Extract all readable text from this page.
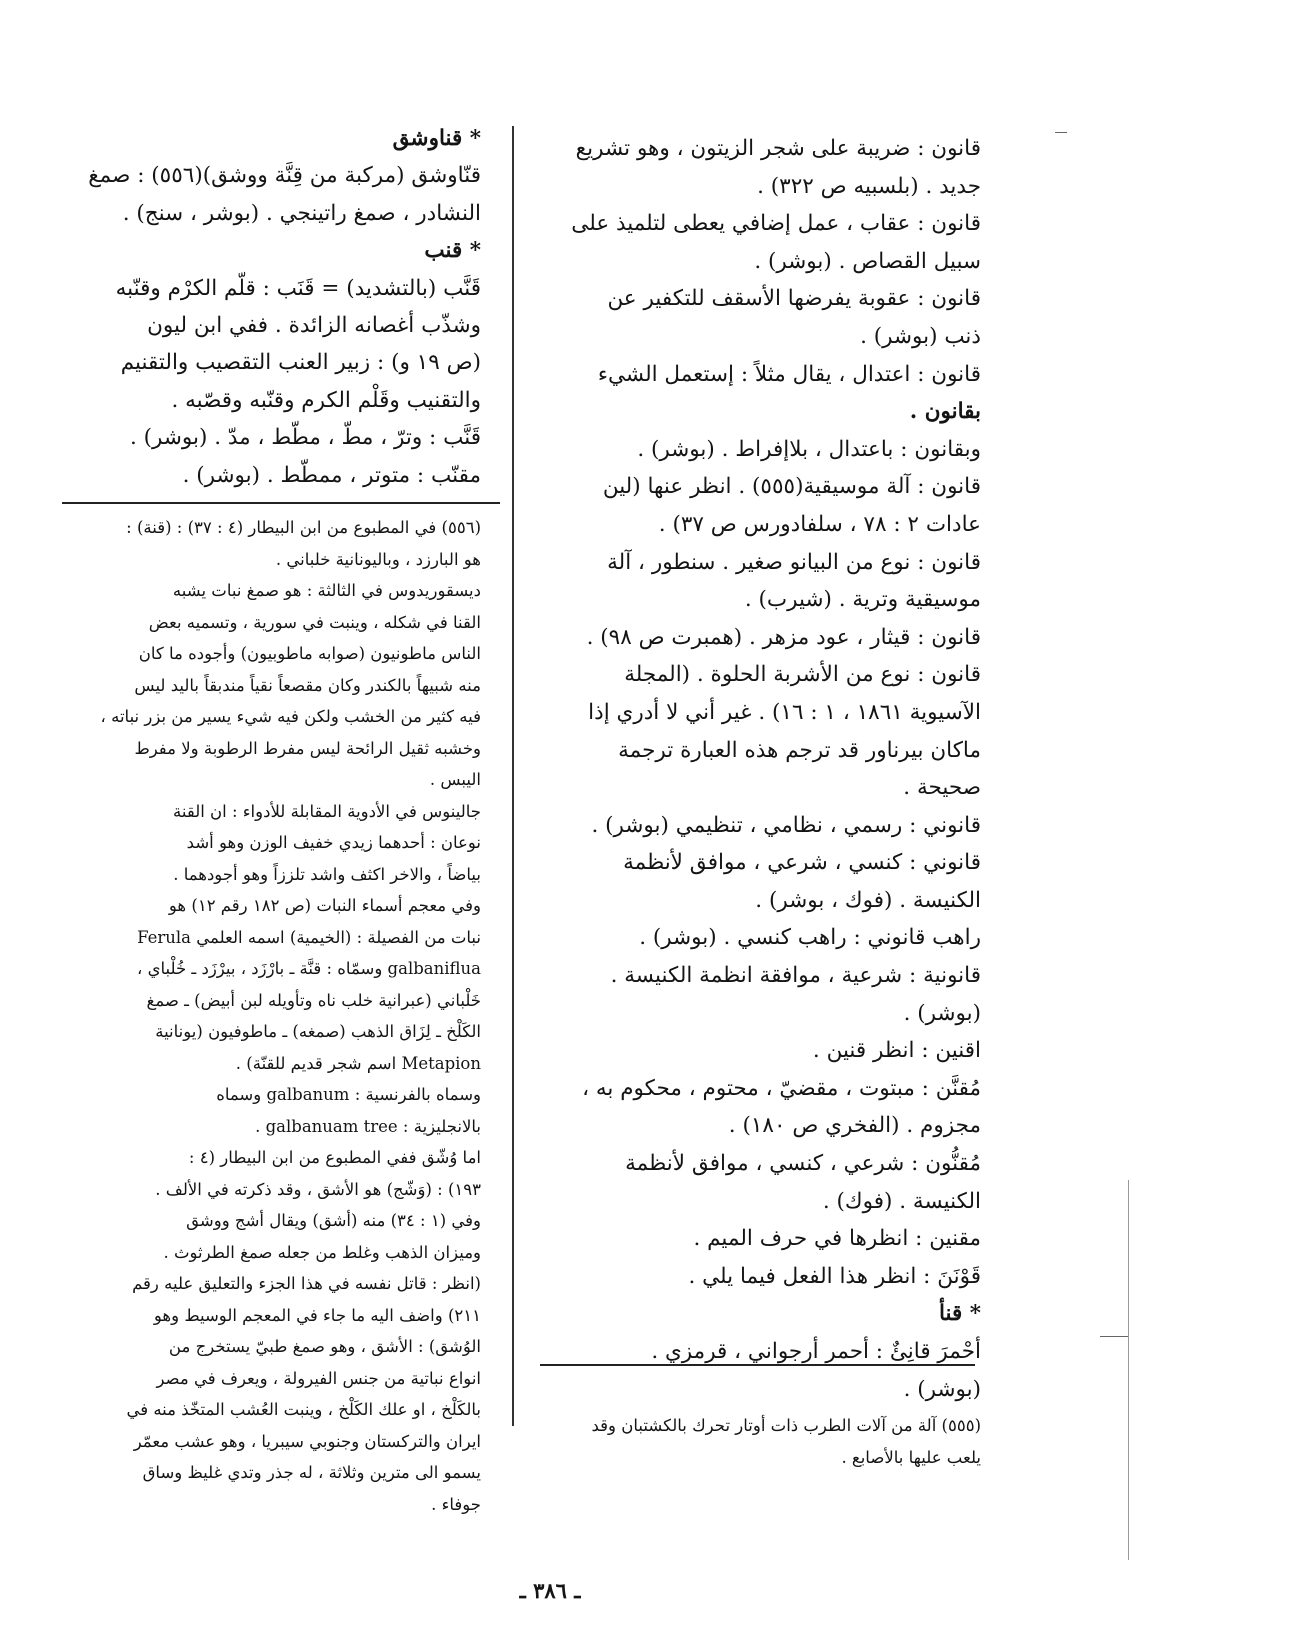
قانون : ضريبة على شجر الزيتون ، وهو تشريع

جديد . (بلسبيه ص ٣٢٢) .

قانون : عقاب ، عمل إضافي يعطى لتلميذ على

سبيل القصاص . (بوشر) .

قانون : عقوبة يفرضها الأسقف للتكفير عن

ذنب (بوشر) .

قانون : اعتدال ، يقال مثلاً : إستعمل الشيء

بقانون .

وبقانون : باعتدال ، بلاإفراط . (بوشر) .

قانون : آلة موسيقية(٥٥٥) . انظر عنها (لين

عادات ٢ : ٧٨ ، سلفادورس ص ٣٧) .

قانون : نوع من البيانو صغير . سنطور ، آلة

موسيقية وترية . (شيرب) .

قانون : قيثار ، عود مزهر . (همبرت ص ٩٨) .

قانون : نوع من الأشربة الحلوة . (المجلة

الآسيوية ١٨٦١ ، ١ : ١٦) . غير أني لا أدري إذا

ماكان بيرناور قد ترجم هذه العبارة ترجمة

صحيحة .

قانوني : رسمي ، نظامي ، تنظيمي (بوشر) .

قانوني : كنسي ، شرعي ، موافق لأنظمة

الكنيسة . (فوك ، بوشر) .

راهب قانوني : راهب كنسي . (بوشر) .

قانونية : شرعية ، موافقة انظمة الكنيسة .

(بوشر) .

اقنين : انظر قنين .

مُقنَّن : مبتوت ، مقضيّ ، محتوم ، محكوم به ،

مجزوم . (الفخري ص ١٨٠) .

مُقنُّون : شرعي ، كنسي ، موافق لأنظمة

الكنيسة . (فوك) .

مقنين : انظرها في حرف الميم .

قَوْنَنَ : انظر هذا الفعل فيما يلي .

* قنأ

أحْمرَ قانِئٌ : أحمر أرجواني ، قرمزي .

(بوشر) .

(٥٥٥) آلة من آلات الطرب ذات أوتار تحرك بالكشتبان وقد

يلعب عليها بالأصابع .

* قناوشق

قنّاوشق (مركبة من قِنَّة ووشق)(٥٥٦) : صمغ

النشادر ، صمغ راتينجي . (بوشر ، سنج) .

* قنب

قَنَّب (بالتشديد) = قَنَب : قلّم الكرْم وقنّبه

وشذّب أغصانه الزائدة . ففي ابن ليون

(ص ١٩ و) : زبير العنب التقصيب والتقنيم

والتقنيب وقَلْم الكرم وقنّبه وقصّبه .

قَنَّب : وترّ ، مطّ ، مطّط ، مدّ . (بوشر) .

مقنّب : متوتر ، ممطّط . (بوشر) .

(٥٥٦) في المطبوع من ابن البيطار (٤ : ٣٧) : (قنة) :

هو البارزد ، وباليونانية خلباني .

ديسقوريدوس في الثالثة : هو صمغ نبات يشبه

القنا في شكله ، وينبت في سورية ، وتسميه بعض

الناس ماطونيون (صوابه ماطوبيون) وأجوده ما كان

منه شبيهاً بالكندر وكان مقصعاً نقياً مندبقاً باليد ليس

فيه كثير من الخشب ولكن فيه شيء يسير من بزر نباته ،

وخشبه ثقيل الرائحة ليس مفرط الرطوبة ولا مفرط

اليبس .

جالينوس في الأدوية المقابلة للأدواء : ان القنة

نوعان : أحدهما زيدي خفيف الوزن وهو أشد

بياضاً ، والاخر اكثف واشد تلززاً وهو أجودهما .

وفي معجم أسماء النبات (ص ١٨٢ رقم ١٢) هو

نبات من الفصيلة : (الخيمية) اسمه العلمي Ferula

galbaniflua وسمّاه : قنَّة ـ بارْزَد ، بيرْزَد ـ خُلْباي ،

خَلْباني (عبرانية خلب ناه وتأويله لبن أبيض) ـ صمغ

الكَلْخ ـ لِزَاق الذهب (صمغه) ـ ماطوفيون (يونانية

Metapion اسم شجر قديم للقنّة) .

وسماه بالفرنسية : galbanum وسماه

بالانجليزية : galbanuam tree .

اما وُشّق ففي المطبوع من ابن البيطار (٤ :

١٩٣) : (وَشّج) هو الأشق ، وقد ذكرته في الألف .

وفي (١ : ٣٤) منه (أشق) ويقال أشج ووشق

وميزان الذهب وغلط من جعله صمغ الطرثوث .

(انظر : قاتل نفسه في هذا الجزء والتعليق عليه رقم

٢١١) واضف اليه ما جاء في المعجم الوسيط وهو

الوُشق) : الأشق ، وهو صمغ طبيّ يستخرج من

انواع نباتية من جنس الفيرولة ، ويعرف في مصر

بالكَلْخ ، او علك الكَلْخ ، وينبت العُشب المتخّذ منه في

ايران والتركستان وجنوبي سيبريا ، وهو عشب معمّر

يسمو الى مترين وثلاثة ، له جذر وتدي غليظ وساق

جوفاء .

ـ ٣٨٦ ـ
